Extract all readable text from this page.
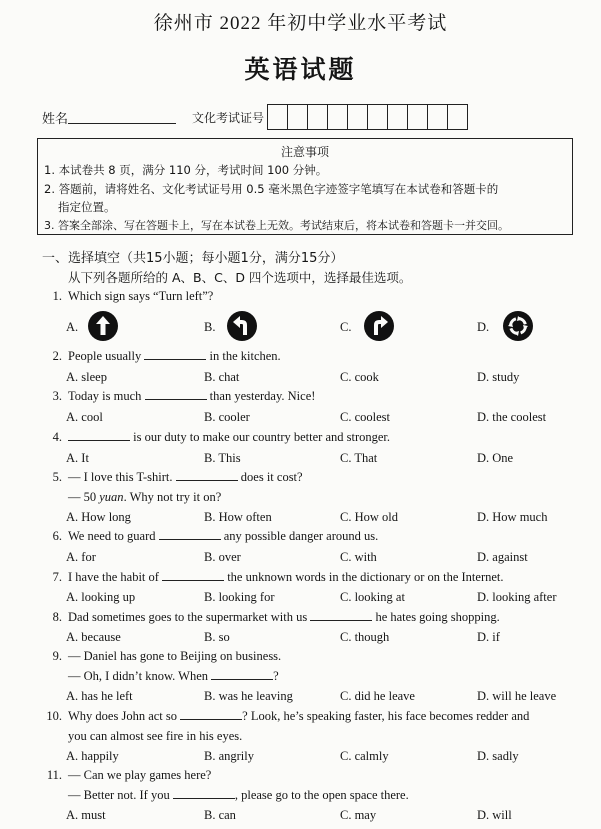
徐州市 2022 年初中学业水平考试
英语试题
姓名	文化考试证号
注意事项
1. 本试卷共 8 页，满分 110 分，考试时间 100 分钟。
2. 答题前，请将姓名、文化考试证号用 0.5 毫米黑色字迹签字笔填写在本试卷和答题卡的
指定位置。
3. 答案全部涂、写在答题卡上，写在本试卷上无效。考试结束后，将本试卷和答题卡一并交回。
一、选择填空（共15小题；每小题1分，满分15分）
从下列各题所给的 A、B、C、D 四个选项中，选择最佳选项。
1. Which sign says “Turn left”?
A.	B.	C.	D.
2. People usually	in the kitchen.
A. sleep	B. chat	C. cook	D. study
3. Today is much	than yesterday. Nice!
A. cool	B. cooler	C. coolest	D. the coolest
4.	is our duty to make our country better and stronger.
A. It	B. This	C. That	D. One
5. — I love this T-shirt.	does it cost?
— 50 yuan. Why not try it on?
A. How long	B. How often	C. How old	D. How much
6. We need to guard	any possible danger around us.
A. for	B. over	C. with	D. against
7. I have the habit of	the unknown words in the dictionary or on the Internet.
A. looking up	B. looking for	C. looking at	D. looking after
8. Dad sometimes goes to the supermarket with us	he hates going shopping.
A. because	B. so	C. though	D. if
9. — Daniel has gone to Beijing on business.
— Oh, I didn’t know. When	?
A. has he left	B. was he leaving	C. did he leave	D. will he leave
10. Why does John act so	? Look, he’s speaking faster, his face becomes redder and
you can almost see fire in his eyes.
A. happily	B. angrily	C. calmly	D. sadly
11. — Can we play games here?
— Better not. If you	, please go to the open space there.
A. must	B. can	C. may	D. will
